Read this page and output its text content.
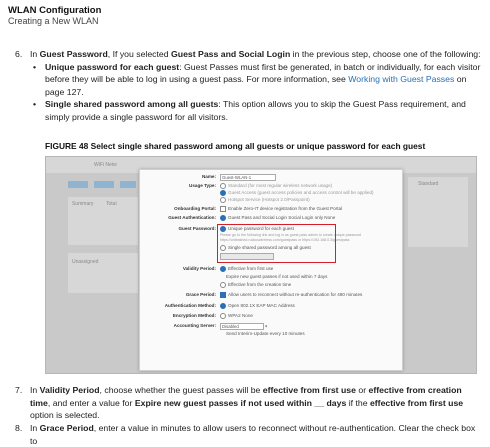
WLAN Configuration
Creating a New WLAN
6. In Guest Password, If you selected Guest Pass and Social Login in the previous step, choose one of the following:

• Unique password for each guest: Guest Passes must first be generated, in batch or individually, for each visitor before they will be able to log in using a guest pass. For more information, see Working with Guest Passes on page 127.
• Single shared password among all guests: This option allows you to skip the Guest Pass requirement, and simply provide a single password for all visitors.
FIGURE 48 Select single shared password among all guests or unique password for each guest
WiFi Netw
Summary	Total
Unassigned
Standard
Name:	Guest-WLAN-1
Usage Type:	Standard (for most regular wireless network usage)
Guest Access (guest access policies and access control will be applied)
Hotspot Service (Hotspot 2.0/Passpoint)
Onboarding Portal:	Enable Zero-IT device registration from the Guest Portal
Guest Authentication:	Guest Pass and Social Login Social Login only None
Guest Password:	Unique password for each guest
Please go to the following link and log in as guest pass admin to create unique password
https://unleashed.ruckuswireless.com/guestpass or https://192.168.0.3/guestpass
Single shared password among all guest
Validity Period:	Effective from first use
Expire new guest passes if not used within 7 days
Effective from the creation time
Grace Period:	Allow users to reconnect without re-authentication for 480 minutes
Authentication Method:	Open 802.1X EAP MAC Address
Encryption Method:	WPA2 None
Accounting Server:	Disabled	▾
Send Interim-Update every 10 minutes
7. In Validity Period, choose whether the guest passes will be effective from first use or effective from creation time, and enter a value for Expire new guest passes if not used within __ days if the effective from first use option is selected.
8. In Grace Period, enter a value in minutes to allow users to reconnect without re-authentication. Clear the check box to
